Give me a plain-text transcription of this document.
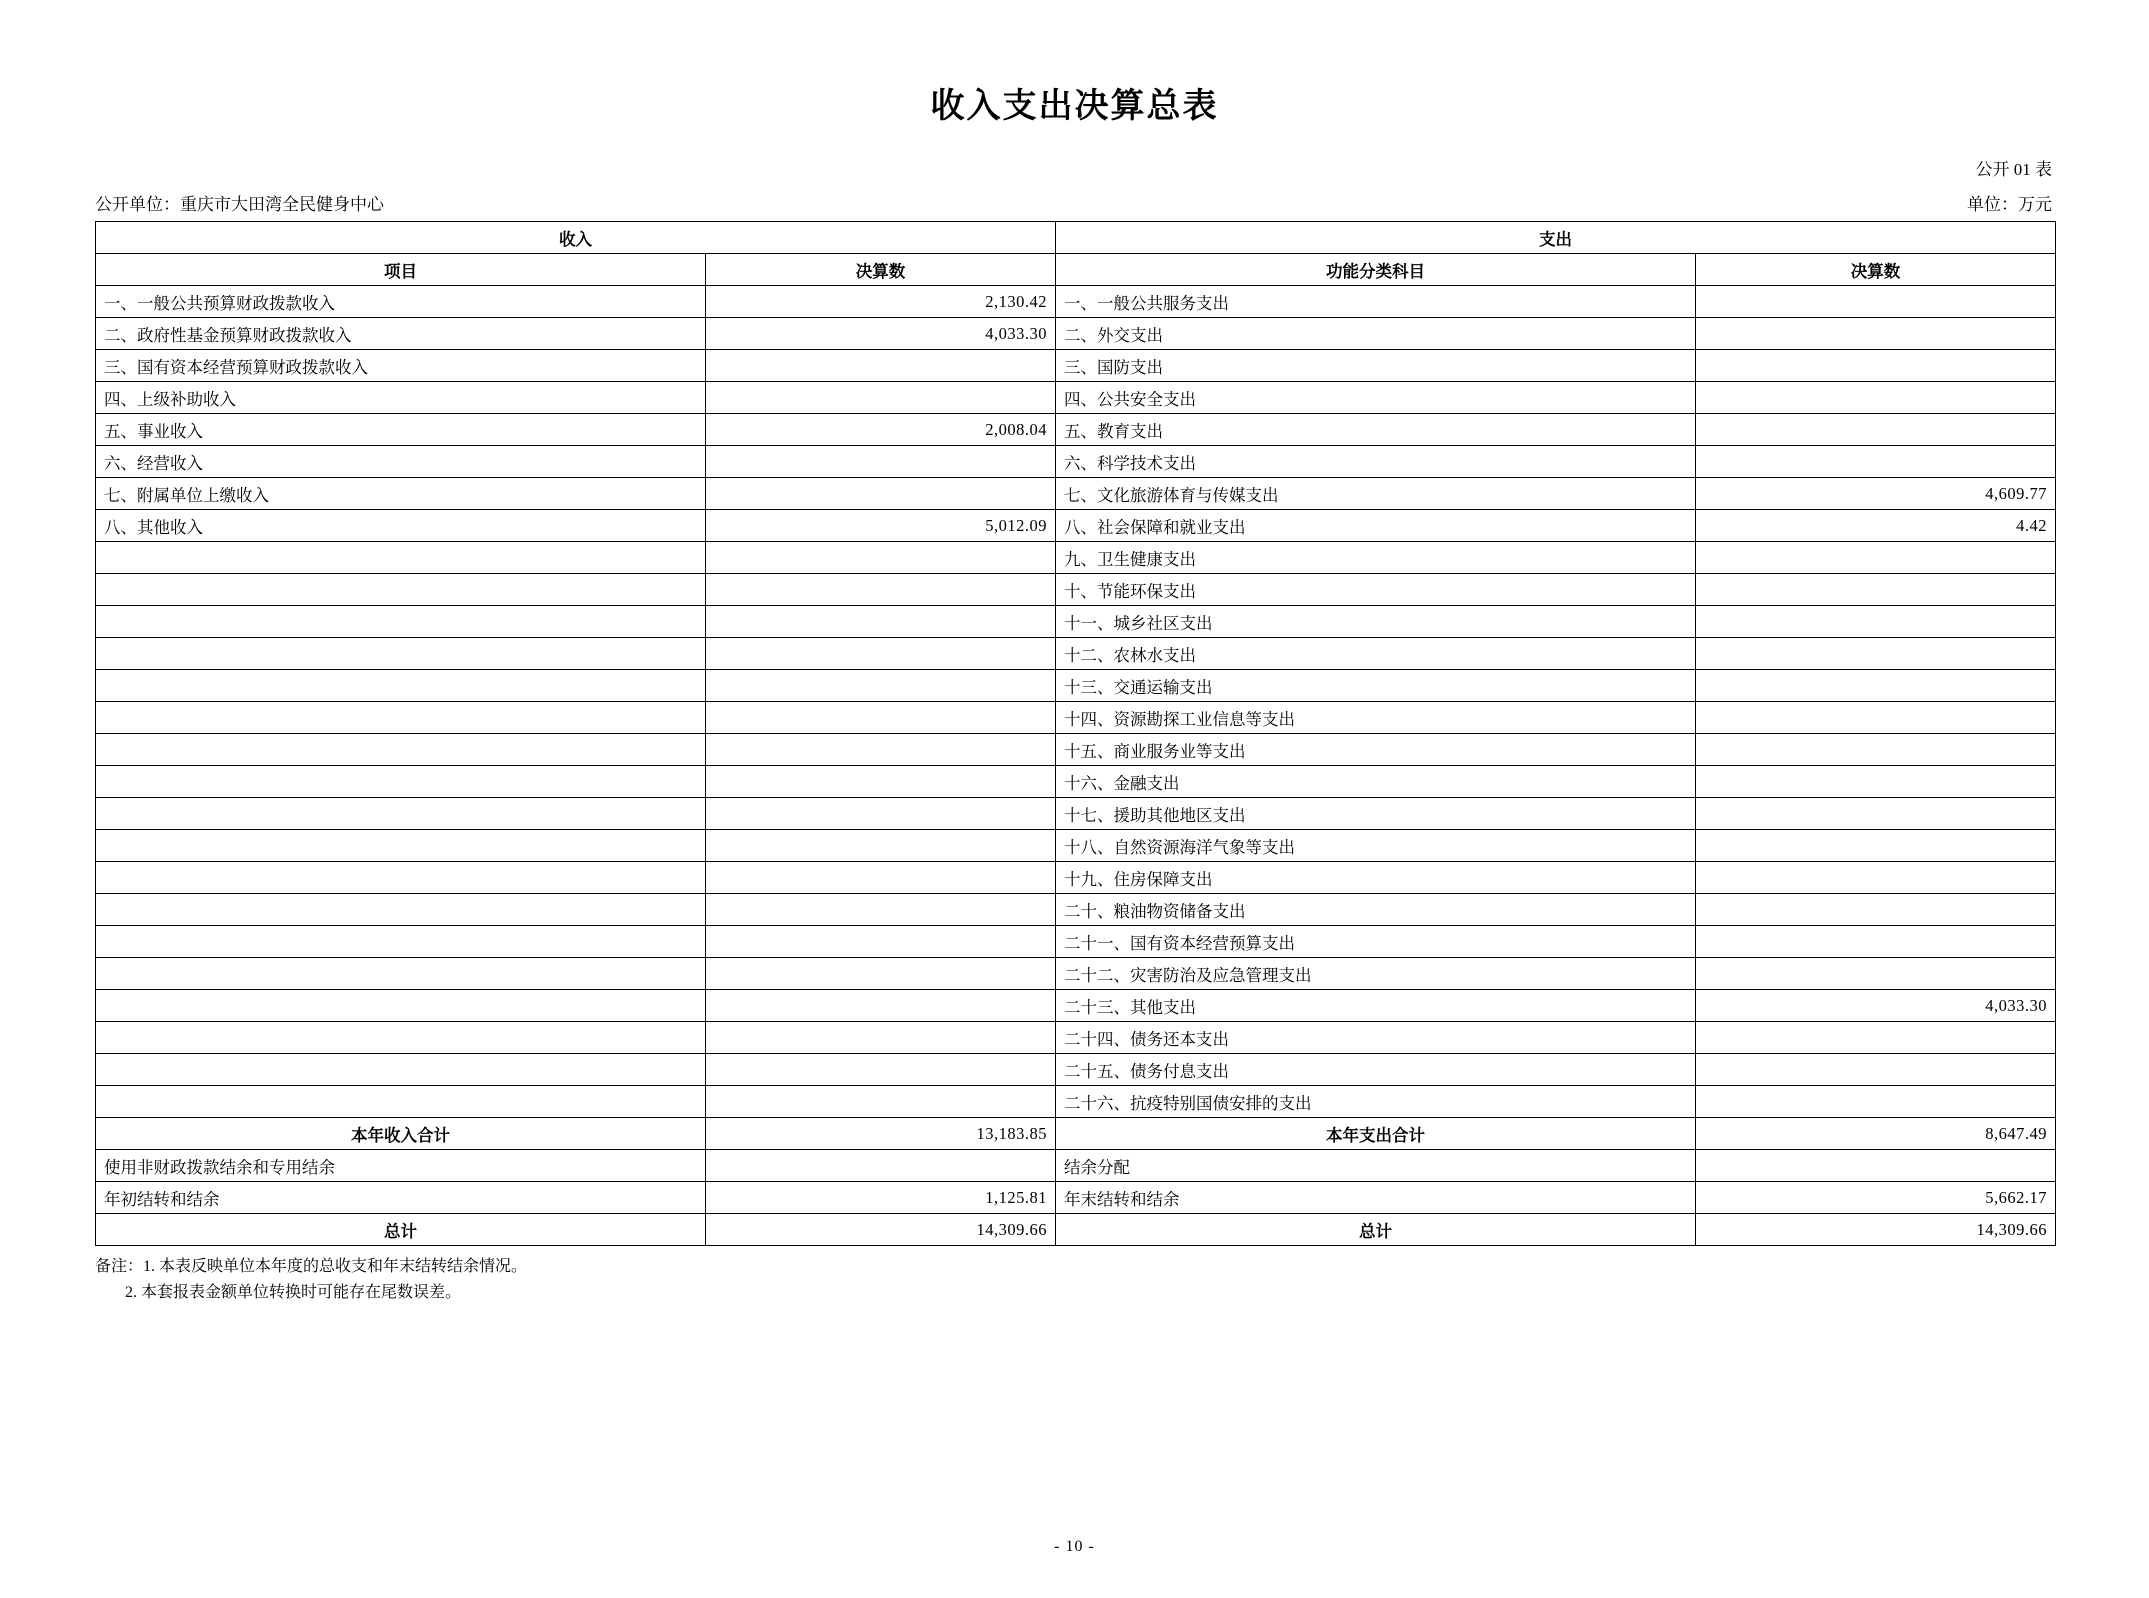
收入支出决算总表
公开 01 表
公开单位：重庆市大田湾全民健身中心	单位：万元
收入		支出	
项目	决算数	功能分类科目	决算数
一、一般公共预算财政拨款收入	2,130.42	一、一般公共服务支出	
二、政府性基金预算财政拨款收入	4,033.30	二、外交支出	
三、国有资本经营预算财政拨款收入		三、国防支出	
四、上级补助收入		四、公共安全支出	
五、事业收入	2,008.04	五、教育支出	
六、经营收入		六、科学技术支出	
七、附属单位上缴收入		七、文化旅游体育与传媒支出	4,609.77
八、其他收入	5,012.09	八、社会保障和就业支出	4.42
		九、卫生健康支出	
		十、节能环保支出	
		十一、城乡社区支出	
		十二、农林水支出	
		十三、交通运输支出	
		十四、资源勘探工业信息等支出	
		十五、商业服务业等支出	
		十六、金融支出	
		十七、援助其他地区支出	
		十八、自然资源海洋气象等支出	
		十九、住房保障支出	
		二十、粮油物资储备支出	
		二十一、国有资本经营预算支出	
		二十二、灾害防治及应急管理支出	
		二十三、其他支出	4,033.30
		二十四、债务还本支出	
		二十五、债务付息支出	
		二十六、抗疫特别国债安排的支出	
本年收入合计	13,183.85	本年支出合计	8,647.49
使用非财政拨款结余和专用结余		结余分配	
年初结转和结余	1,125.81	年末结转和结余	5,662.17
总计	14,309.66	总计	14,309.66
备注：1. 本表反映单位本年度的总收支和年末结转结余情况。
2. 本套报表金额单位转换时可能存在尾数误差。
- 10 -
